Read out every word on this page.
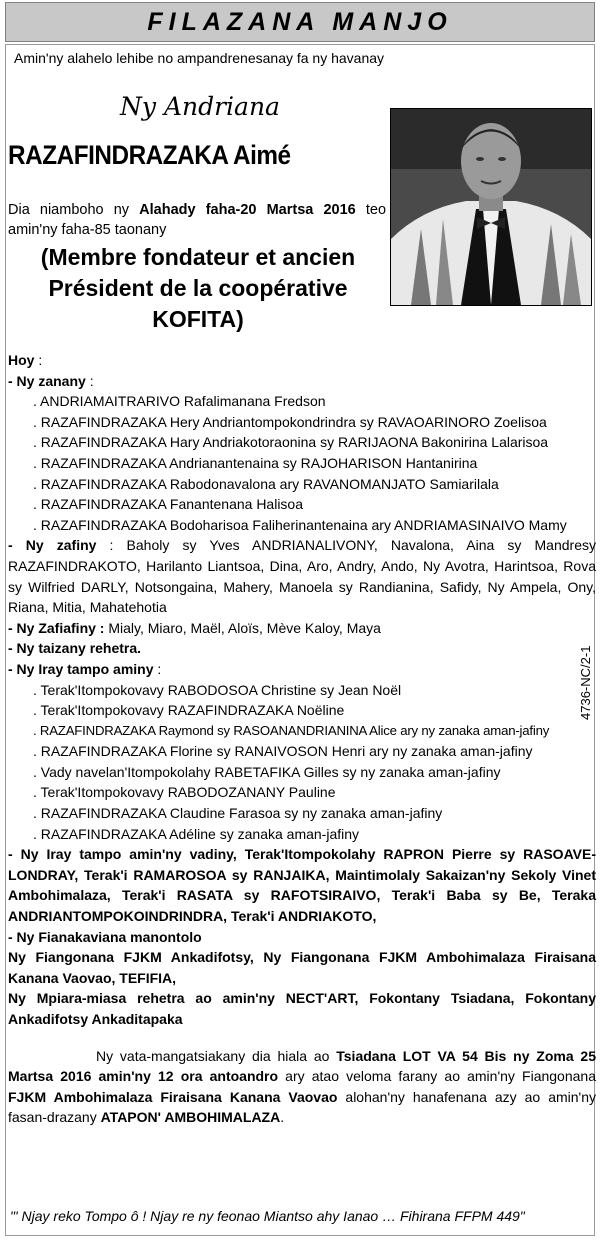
FILAZANA MANJO
Amin'ny alahelo lehibe no ampandrenesanay fa ny havanay
Ny Andriana
RAZAFINDRAZAKA Aimé
Dia niamboho ny Alahady faha-20 Martsa 2016 teo amin'ny faha-85 taonany
(Membre fondateur et ancien Président de la coopérative KOFITA)
4736-NC/2-1

Hoy :

- Ny zanany :

. ANDRIAMAITRARIVO Rafalimanana Fredson

. RAZAFINDRAZAKA Hery Andriantompokondrindra sy RAVAOARINORO Zoelisoa

. RAZAFINDRAZAKA Hary Andriakotoraonina sy RARIJAONA Bakonirina Lalarisoa

. RAZAFINDRAZAKA Andrianantenaina sy RAJOHARISON Hantanirina

. RAZAFINDRAZAKA Rabodonavalona ary RAVANOMANJATO Samiarilala

. RAZAFINDRAZAKA Fanantenana Halisoa

. RAZAFINDRAZAKA Bodoharisoa Faliherinantenaina ary ANDRIAMASINAIVO Mamy

- Ny zafiny : Baholy sy Yves ANDRIANALIVONY, Navalona, Aina sy Mandresy RAZAFINDRAKOTO, Harilanto Liantsoa, Dina, Aro, Andry, Ando, Ny Avotra, Harintsoa, Rova sy Wilfried DARLY, Notsongaina, Mahery, Manoela sy Randianina, Safidy, Ny Ampela, Ony, Riana, Mitia, Mahatehotia

- Ny Zafiafiny : Mialy, Miaro, Maël, Aloïs, Mève Kaloy, Maya

- Ny taizany rehetra.

- Ny Iray tampo aminy :

. Terak'Itompokovavy RABODOSOA Christine sy Jean Noël

. Terak'Itompokovavy RAZAFINDRAZAKA Noëline

. RAZAFINDRAZAKA Raymond sy RASOANANDRIANINA Alice ary ny zanaka aman-jafiny

. RAZAFINDRAZAKA Florine sy RANAIVOSON Henri ary ny zanaka aman-jafiny

. Vady navelan'Itompokolahy RABETAFIKA Gilles sy ny zanaka aman-jafiny

. Terak'Itompokovavy RABODOZANANY Pauline

. RAZAFINDRAZAKA Claudine Farasoa sy ny zanaka aman-jafiny

. RAZAFINDRAZAKA Adéline sy zanaka aman-jafiny

- Ny Iray tampo amin'ny vadiny, Terak'Itompokolahy RAPRON Pierre sy RASOAVE-LONDRAY, Terak'i RAMAROSOA sy RANJAIKA, Maintimolaly Sakaizan'ny Sekoly Vinet Ambohimalaza, Terak'i RASATA sy RAFOTSIRAIVO, Terak'i Baba sy Be, Teraka ANDRIANTOMPOKOINDRINDRA, Terak'i ANDRIAKOTO,

- Ny Fianakaviana manontolo

Ny Fiangonana FJKM Ankadifotsy, Ny Fiangonana FJKM Ambohimalaza Firaisana Kanana Vaovao, TEFIFIA,

Ny Mpiara-miasa rehetra ao amin'ny NECT'ART, Fokontany Tsiadana, Fokontany Ankadifotsy Ankaditapaka

Ny vata-mangatsiakany dia hiala ao Tsiadana LOT VA 54 Bis ny Zoma 25 Martsa 2016 amin'ny 12 ora antoandro ary ataо veloma farany ao amin'ny Fiangonana FJKM Ambohimalaza Firaisana Kanana Vaovao alohan'ny hanafenana azy ao amin'ny fasan-drazany ATAPON' AMBOHIMALAZA.

"' Njay reko Tompo ô ! Njay re ny feonao Miantso ahy Ianao … Fihirana FFPM 449"
